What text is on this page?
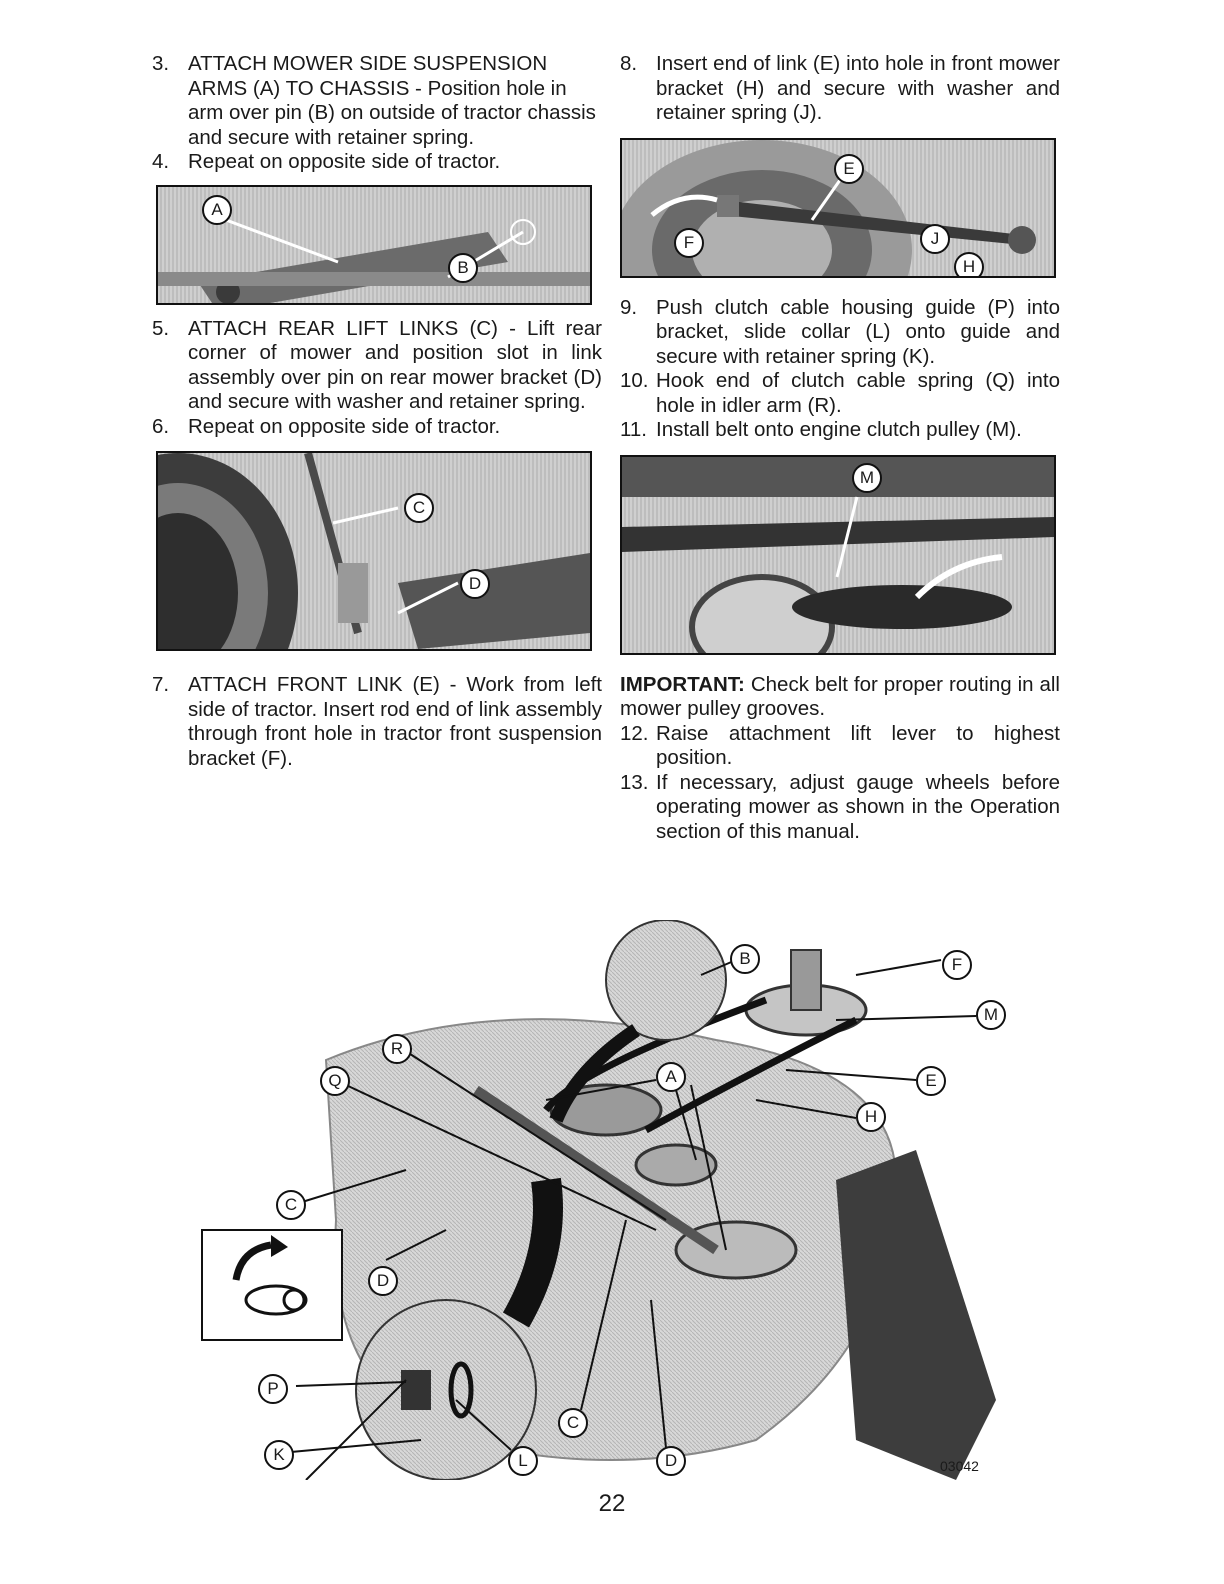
3. ATTACH MOWER SIDE SUSPENSION ARMS (A) TO CHASSIS - Position hole in arm over pin (B) on outside of tractor chassis and secure with retainer spring.

4. Repeat on opposite side of tractor.

A
B

5. ATTACH REAR LIFT LINKS (C) - Lift rear corner of mower and position slot in link assembly over pin on rear mower bracket (D) and secure with washer and retainer spring.

6. Repeat on opposite side of tractor.

C
D

7. ATTACH FRONT LINK (E) - Work from left side of tractor. Insert rod end of link assembly through front hole in tractor front suspension bracket (F).

8. Insert end of link (E) into hole in front mower bracket (H) and secure with washer and retainer spring (J).

E
F	J
H

9. Push clutch cable housing guide (P) into bracket, slide collar (L) onto guide and secure with retainer spring (K).

10. Hook end of clutch cable spring (Q) into hole in idler arm (R).

11. Install belt onto engine clutch pulley (M).

M

IMPORTANT: Check belt for proper routing in all mower pulley grooves.

12. Raise attachment lift lever to highest position.

13. If necessary, adjust gauge wheels before operating mower as shown in the Operation section of this manual.

B	F
M
E
H
R
Q	A
C
D
P
K	L
C
D	03042
22
